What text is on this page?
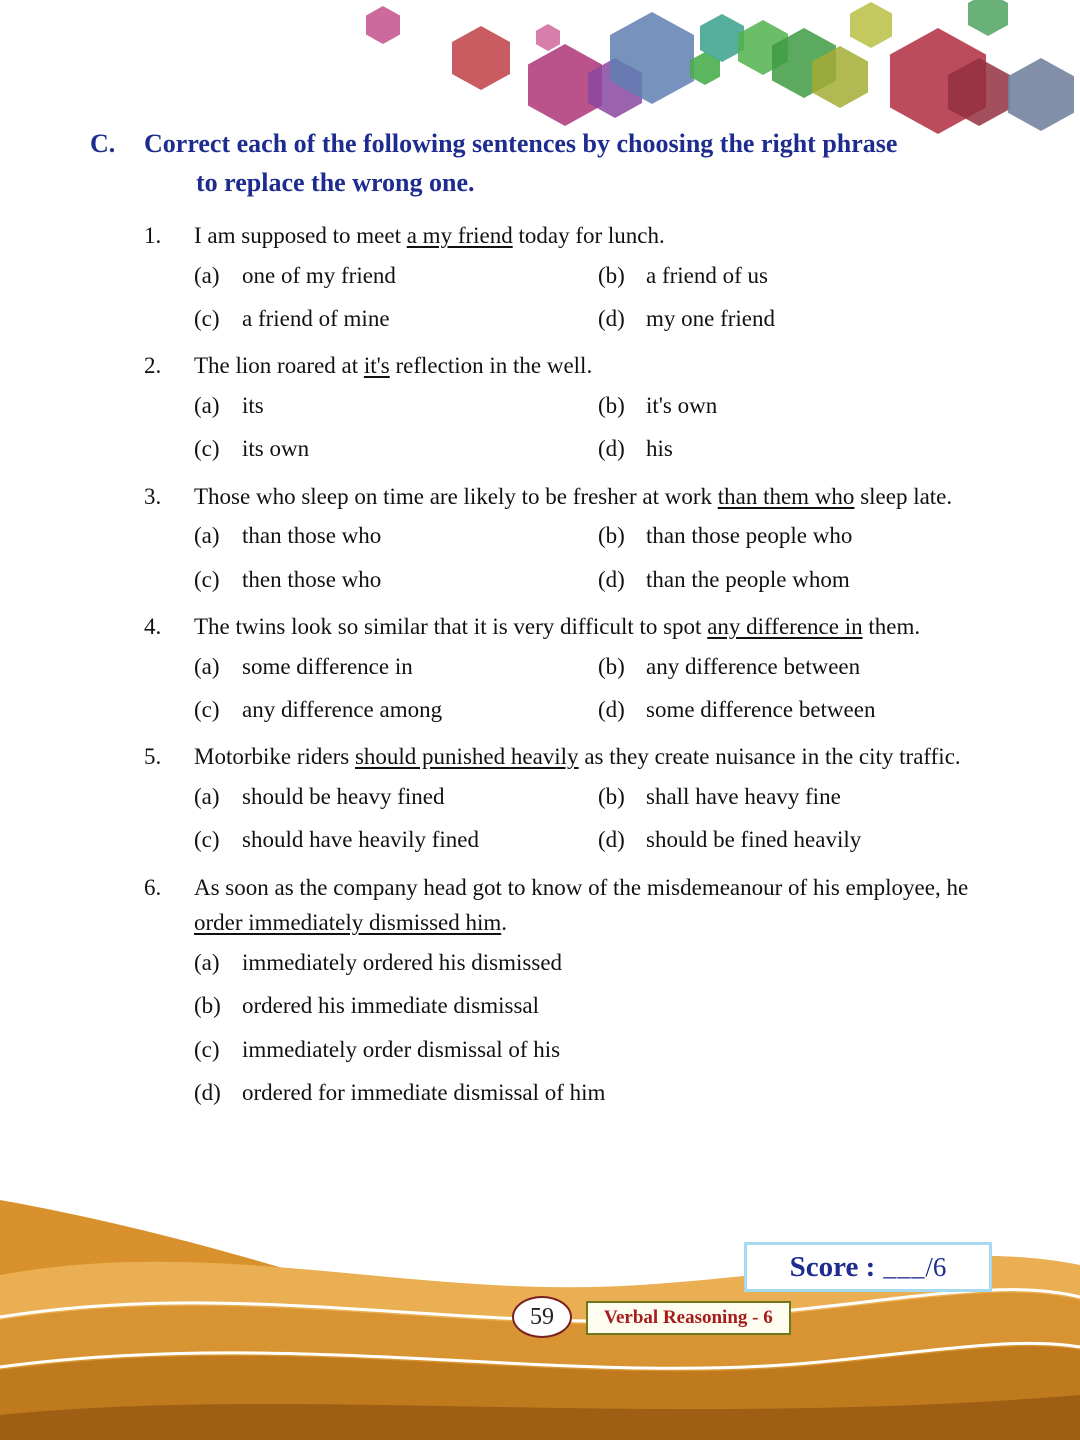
C.	Correct each of the following sentences by choosing the right phrase
to replace the wrong one.
1.	I am supposed to meet a my friend today for lunch.
(a) one of my friend	(b) a friend of us
(c) a friend of mine	(d) my one friend
2.	The lion roared at it's reflection in the well.
(a) its	(b) it's own
(c) its own	(d) his
3.	Those who sleep on time are likely to be fresher at work than them who sleep late.
(a) than those who	(b) than those people who
(c) then those who	(d) than the people whom
4.	The twins look so similar that it is very difficult to spot any difference in them.
(a) some difference in	(b) any difference between
(c) any difference among	(d) some difference between
5.	Motorbike riders should punished heavily as they create nuisance in the city traffic.
(a) should be heavy fined	(b) shall have heavy fine
(c) should have heavily fined	(d) should be fined heavily
6.	As soon as the company head got to know of the misdemeanour of his employee, he order immediately dismissed him.
(a) immediately ordered his dismissed
(b) ordered his immediate dismissal
(c) immediately order dismissal of his
(d) ordered for immediate dismissal of him
Score : ___ /6
59	Verbal Reasoning - 6
